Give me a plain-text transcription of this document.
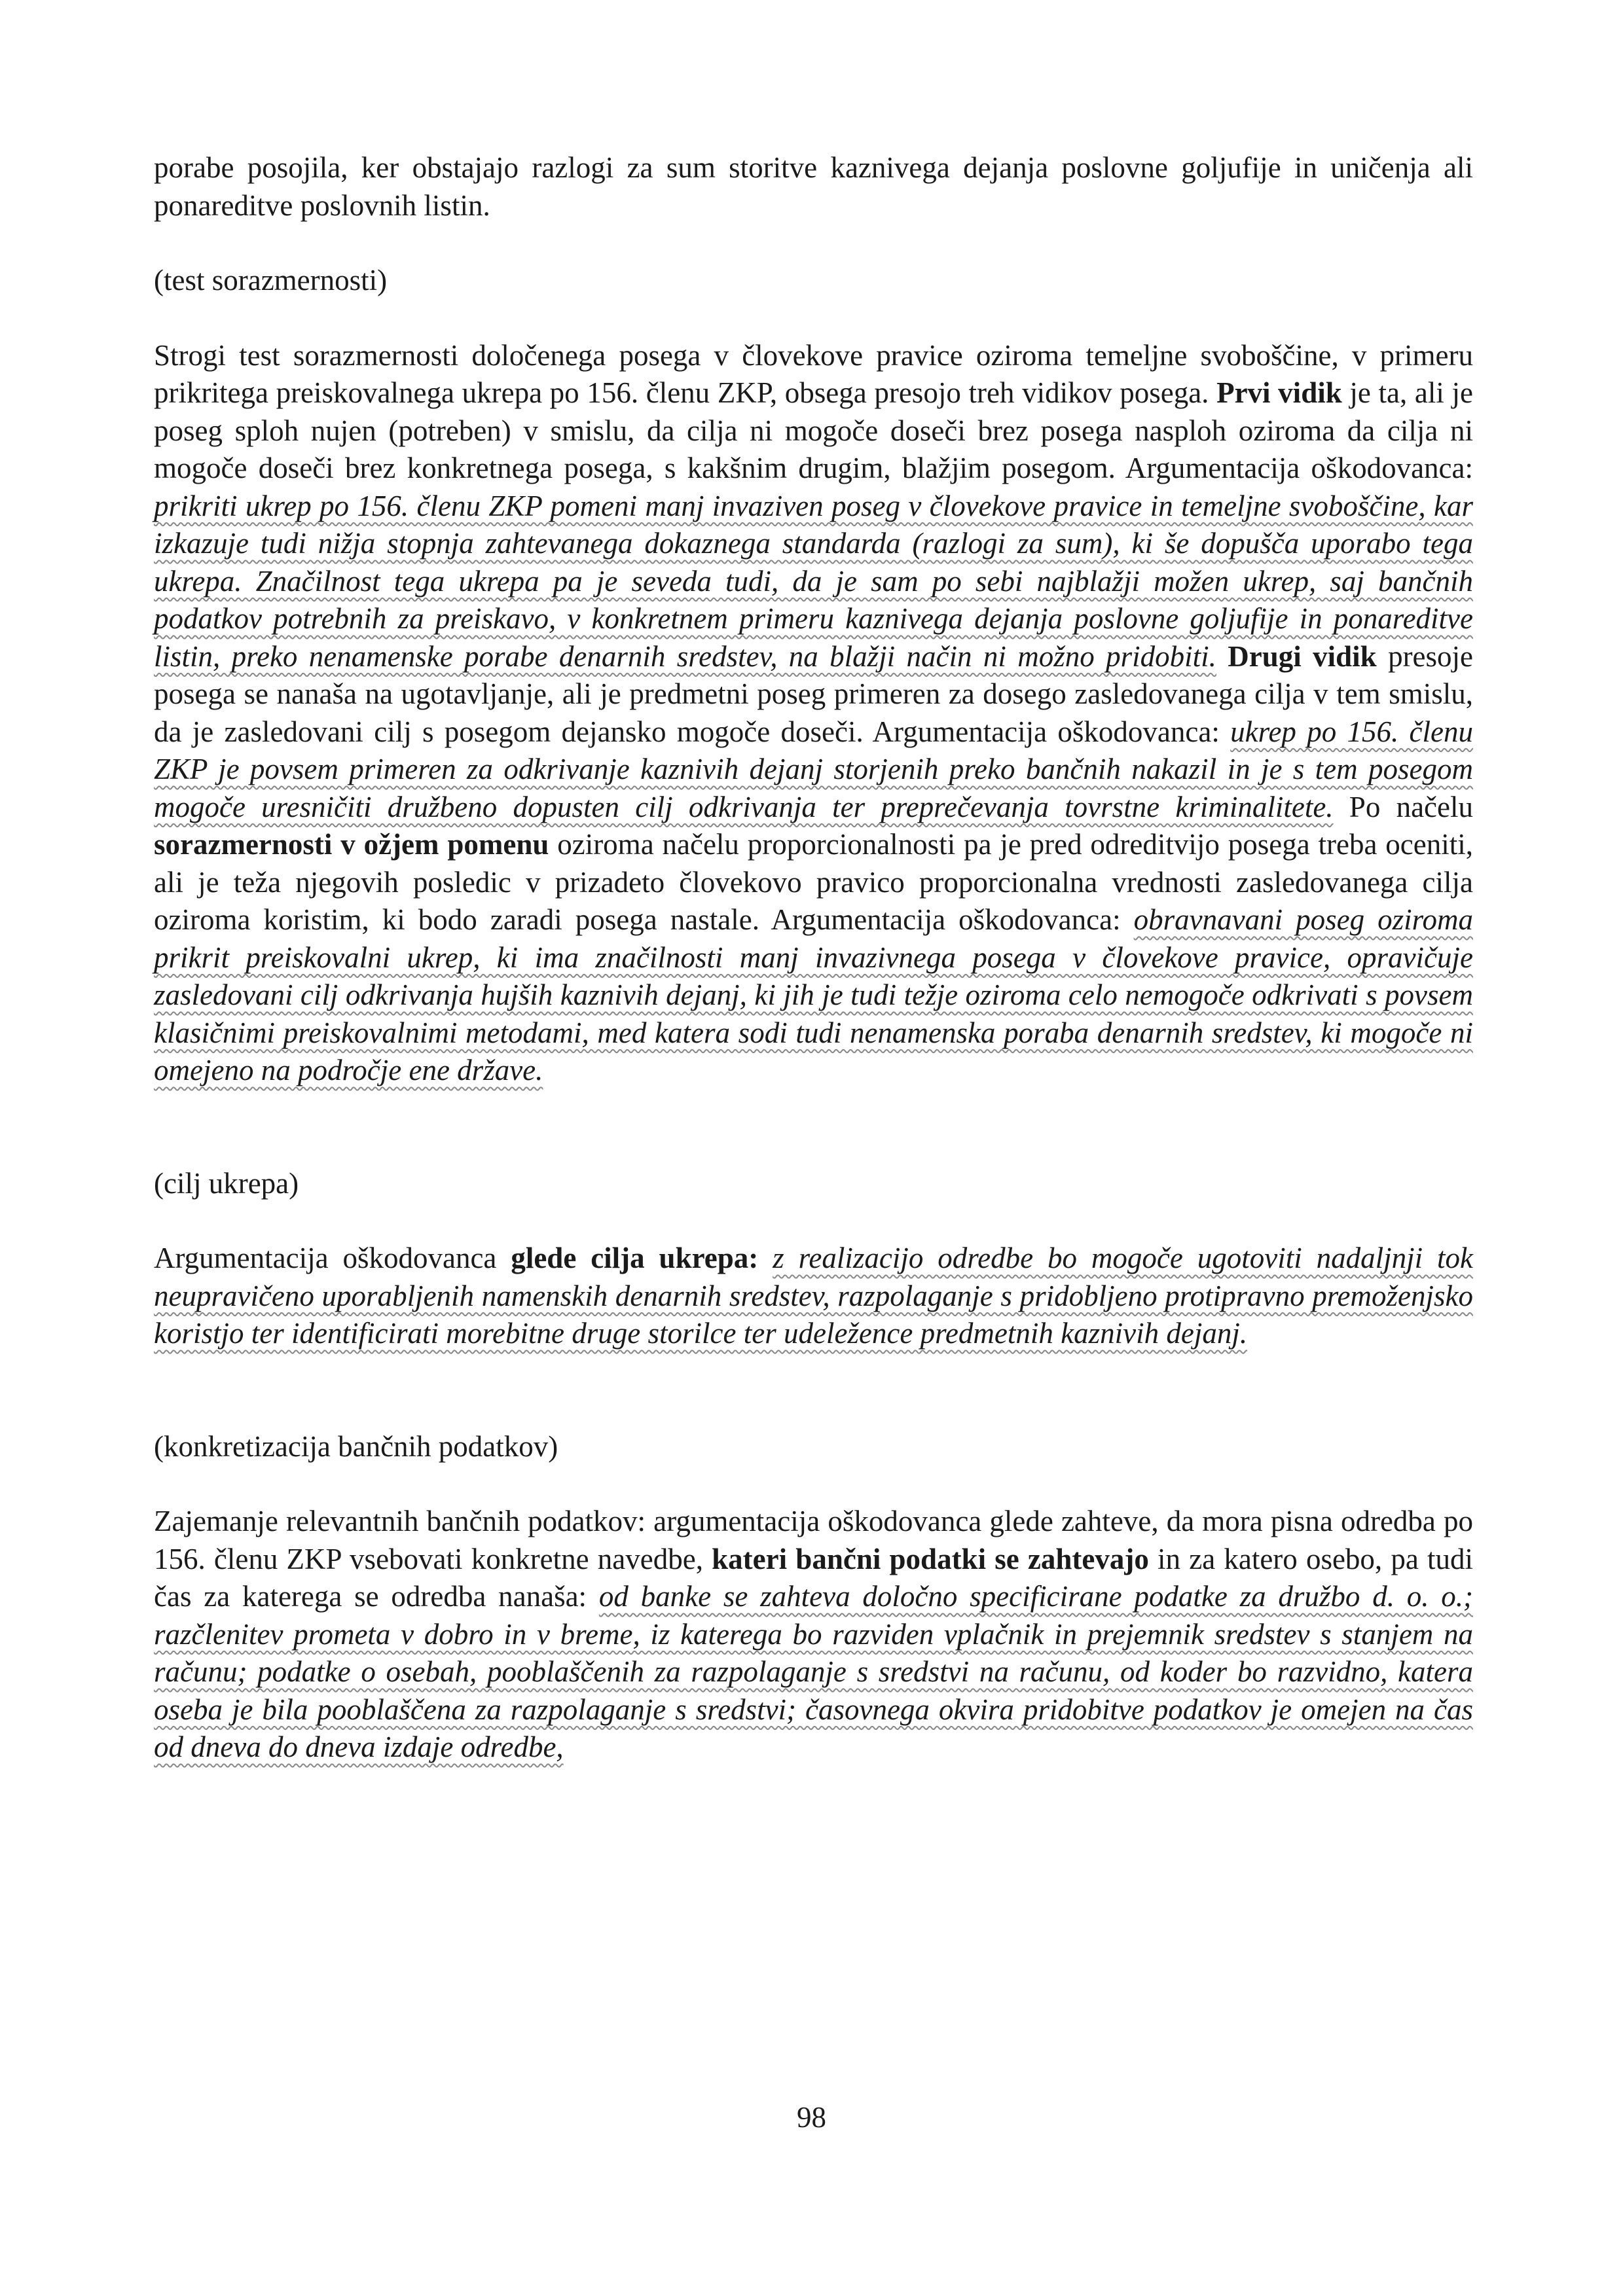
porabe posojila, ker obstajajo razlogi za sum storitve kaznivega dejanja poslovne goljufije in uničenja ali ponareditve poslovnih listin.

(test sorazmernosti)

Strogi test sorazmernosti določenega posega v človekove pravice oziroma temeljne svoboščine, v primeru prikritega preiskovalnega ukrepa po 156. členu ZKP, obsega presojo treh vidikov posega. Prvi vidik je ta, ali je poseg sploh nujen (potreben) v smislu, da cilja ni mogoče doseči brez posega nasploh oziroma da cilja ni mogoče doseči brez konkretnega posega, s kakšnim drugim, blažjim posegom. Argumentacija oškodovanca: prikriti ukrep po 156. členu ZKP pomeni manj invaziven poseg v človekove pravice in temeljne svoboščine, kar izkazuje tudi nižja stopnja zahtevanega dokaznega standarda (razlogi za sum), ki še dopušča uporabo tega ukrepa. Značilnost tega ukrepa pa je seveda tudi, da je sam po sebi najblažji možen ukrep, saj bančnih podatkov potrebnih za preiskavo, v konkretnem primeru kaznivega dejanja poslovne goljufije in ponareditve listin, preko nenamenske porabe denarnih sredstev, na blažji način ni možno pridobiti. Drugi vidik presoje posega se nanaša na ugotavljanje, ali je predmetni poseg primeren za dosego zasledovanega cilja v tem smislu, da je zasledovani cilj s posegom dejansko mogoče doseči. Argumentacija oškodovanca: ukrep po 156. členu ZKP je povsem primeren za odkrivanje kaznivih dejanj storjenih preko bančnih nakazil in je s tem posegom mogoče uresničiti družbeno dopusten cilj odkrivanja ter preprečevanja tovrstne kriminalitete. Po načelu sorazmernosti v ožjem pomenu oziroma načelu proporcionalnosti pa je pred odreditvijo posega treba oceniti, ali je teža njegovih posledic v prizadeto človekovo pravico proporcionalna vrednosti zasledovanega cilja oziroma koristim, ki bodo zaradi posega nastale. Argumentacija oškodovanca: obravnavani poseg oziroma prikrit preiskovalni ukrep, ki ima značilnosti manj invazivnega posega v človekove pravice, opravičuje zasledovani cilj odkrivanja hujših kaznivih dejanj, ki jih je tudi težje oziroma celo nemogoče odkrivati s povsem klasičnimi preiskovalnimi metodami, med katera sodi tudi nenamenska poraba denarnih sredstev, ki mogoče ni omejeno na področje ene države.

(cilj ukrepa)

Argumentacija oškodovanca glede cilja ukrepa: z realizacijo odredbe bo mogoče ugotoviti nadaljnji tok neupravičeno uporabljenih namenskih denarnih sredstev, razpolaganje s pridobljeno protipravno premoženjsko koristjo ter identificirati morebitne druge storilce ter udeležence predmetnih kaznivih dejanj.

(konkretizacija bančnih podatkov)

Zajemanje relevantnih bančnih podatkov: argumentacija oškodovanca glede zahteve, da mora pisna odredba po 156. členu ZKP vsebovati konkretne navedbe, kateri bančni podatki se zahtevajo in za katero osebo, pa tudi čas za katerega se odredba nanaša: od banke se zahteva določno specificirane podatke za družbo d. o. o.; razčlenitev prometa v dobro in v breme, iz katerega bo razviden vplačnik in prejemnik sredstev s stanjem na računu; podatke o osebah, pooblaščenih za razpolaganje s sredstvi na računu, od koder bo razvidno, katera oseba je bila pooblaščena za razpolaganje s sredstvi; časovnega okvira pridobitve podatkov je omejen na čas od dneva do dneva izdaje odredbe,

98
